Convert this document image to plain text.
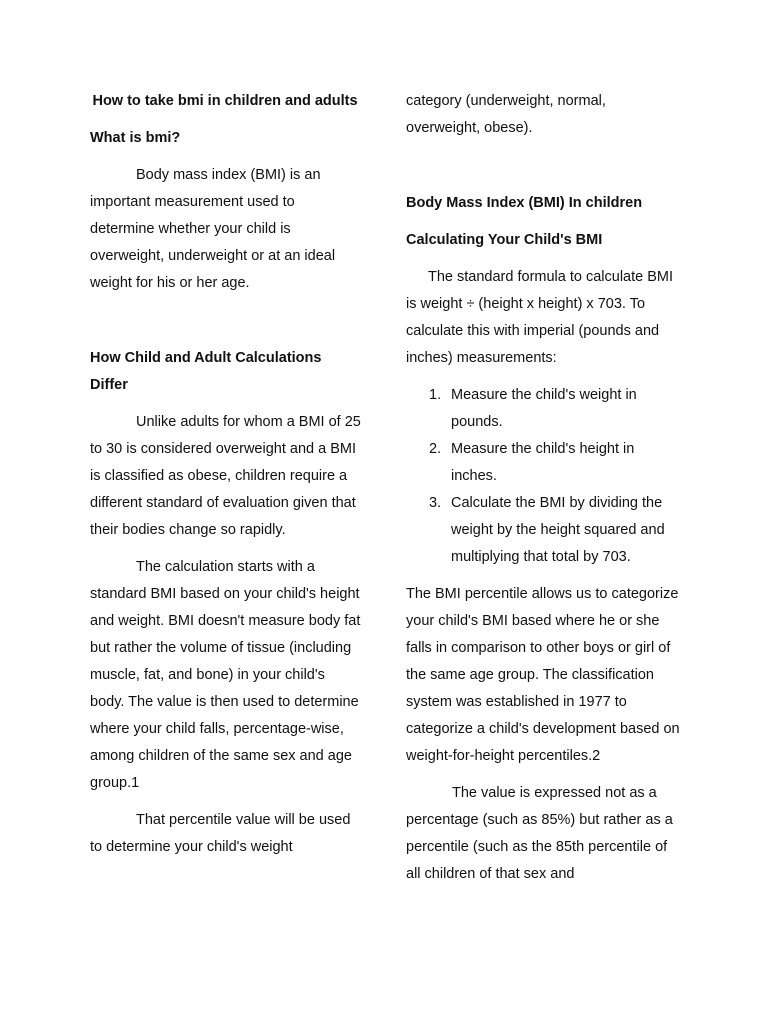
How to take bmi in children and adults
What is bmi?

Body mass index (BMI) is an important measurement used to determine whether your child is overweight, underweight or at an ideal weight for his or her age.

How Child and Adult Calculations Differ

Unlike adults for whom a BMI of 25 to 30 is considered overweight and a BMI is classified as obese, children require a different standard of evaluation given that their bodies change so rapidly.

The calculation starts with a standard BMI based on your child's height and weight. BMI doesn't measure body fat but rather the volume of tissue (including muscle, fat, and bone) in your child's body. The value is then used to determine where your child falls, percentage-wise, among children of the same sex and age group.1

That percentile value will be used to determine your child's weight

category (underweight, normal, overweight, obese).

Body Mass Index (BMI) In children
Calculating Your Child's BMI

The standard formula to calculate BMI is weight ÷ (height x height) x 703. To calculate this with imperial (pounds and inches) measurements:

1. Measure the child's weight in pounds.
2. Measure the child's height in inches.
3. Calculate the BMI by dividing the weight by the height squared and multiplying that total by 703.

The BMI percentile allows us to categorize your child's BMI based where he or she falls in comparison to other boys or girl of the same age group. The classification system was established in 1977 to categorize a child's development based on weight-for-height percentiles.2

The value is expressed not as a percentage (such as 85%) but rather as a percentile (such as the 85th percentile of all children of that sex and
